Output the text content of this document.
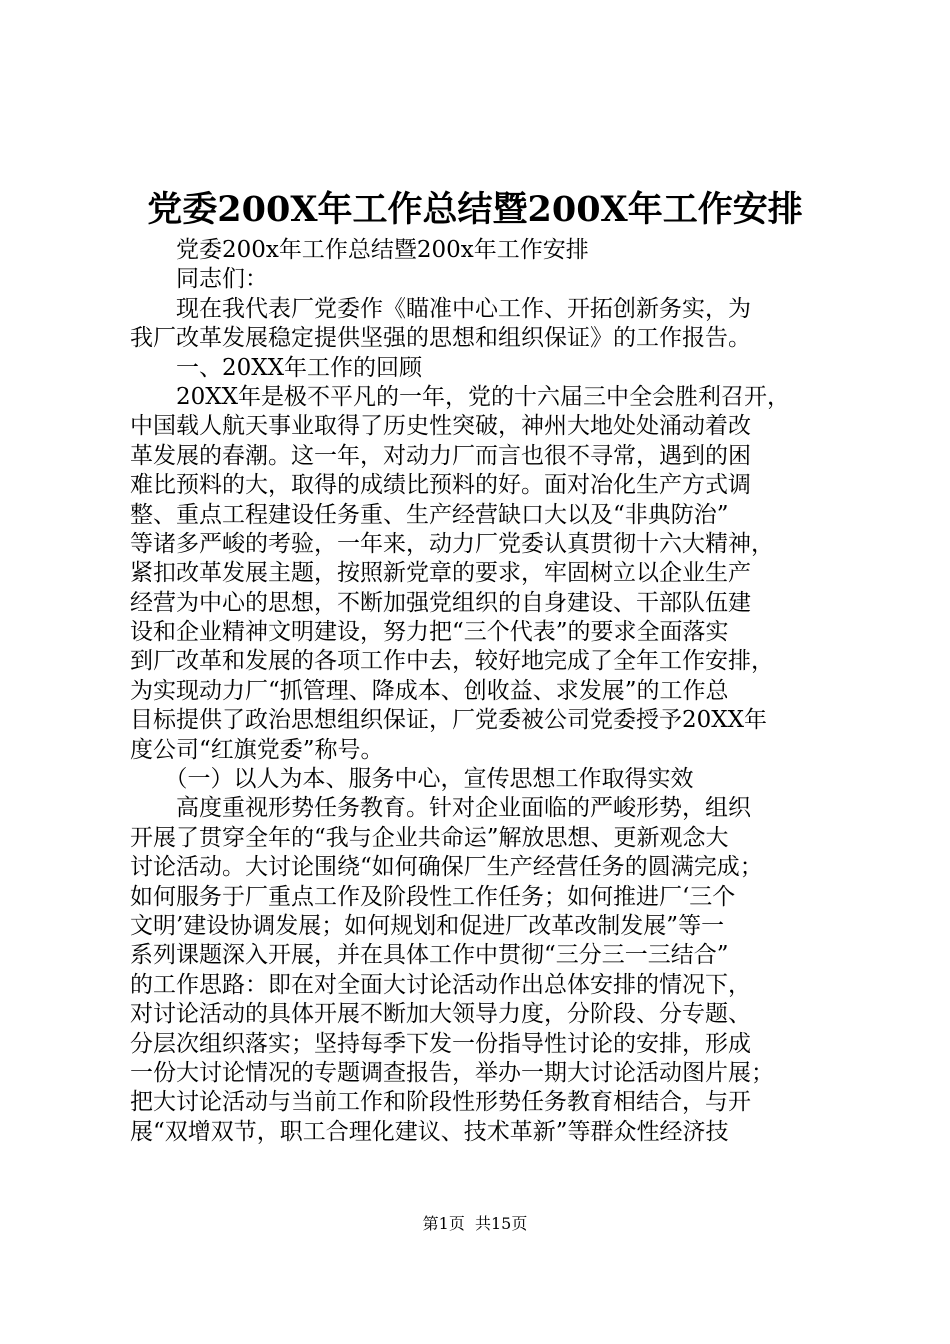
党委200X年工作总结暨200X年工作安排
　　党委200x年工作总结暨200x年工作安排
　　同志们：
　　现在我代表厂党委作《瞄准中心工作、开拓创新务实，为
我厂改革发展稳定提供坚强的思想和组织保证》的工作报告。
　　一、20XX年工作的回顾
　　20XX年是极不平凡的一年，党的十六届三中全会胜利召开，
中国载人航天事业取得了历史性突破，神州大地处处涌动着改
革发展的春潮。这一年，对动力厂而言也很不寻常，遇到的困
难比预料的大，取得的成绩比预料的好。面对冶化生产方式调
整、重点工程建设任务重、生产经营缺口大以及“非典防治”
等诸多严峻的考验，一年来，动力厂党委认真贯彻十六大精神，
紧扣改革发展主题，按照新党章的要求，牢固树立以企业生产
经营为中心的思想，不断加强党组织的自身建设、干部队伍建
设和企业精神文明建设，努力把“三个代表”的要求全面落实
到厂改革和发展的各项工作中去，较好地完成了全年工作安排，
为实现动力厂“抓管理、降成本、创收益、求发展”的工作总
目标提供了政治思想组织保证，厂党委被公司党委授予20XX年
度公司“红旗党委”称号。
　　（一）以人为本、服务中心，宣传思想工作取得实效
　　高度重视形势任务教育。针对企业面临的严峻形势，组织
开展了贯穿全年的“我与企业共命运”解放思想、更新观念大
讨论活动。大讨论围绕“如何确保厂生产经营任务的圆满完成；
如何服务于厂重点工作及阶段性工作任务；如何推进厂‘三个
文明’建设协调发展；如何规划和促进厂改革改制发展”等一
系列课题深入开展，并在具体工作中贯彻“三分三一三结合”
的工作思路：即在对全面大讨论活动作出总体安排的情况下，
对讨论活动的具体开展不断加大领导力度，分阶段、分专题、
分层次组织落实；坚持每季下发一份指导性讨论的安排，形成
一份大讨论情况的专题调查报告，举办一期大讨论活动图片展；
把大讨论活动与当前工作和阶段性形势任务教育相结合，与开
展“双增双节，职工合理化建议、技术革新”等群众性经济技
第1页  共15页
